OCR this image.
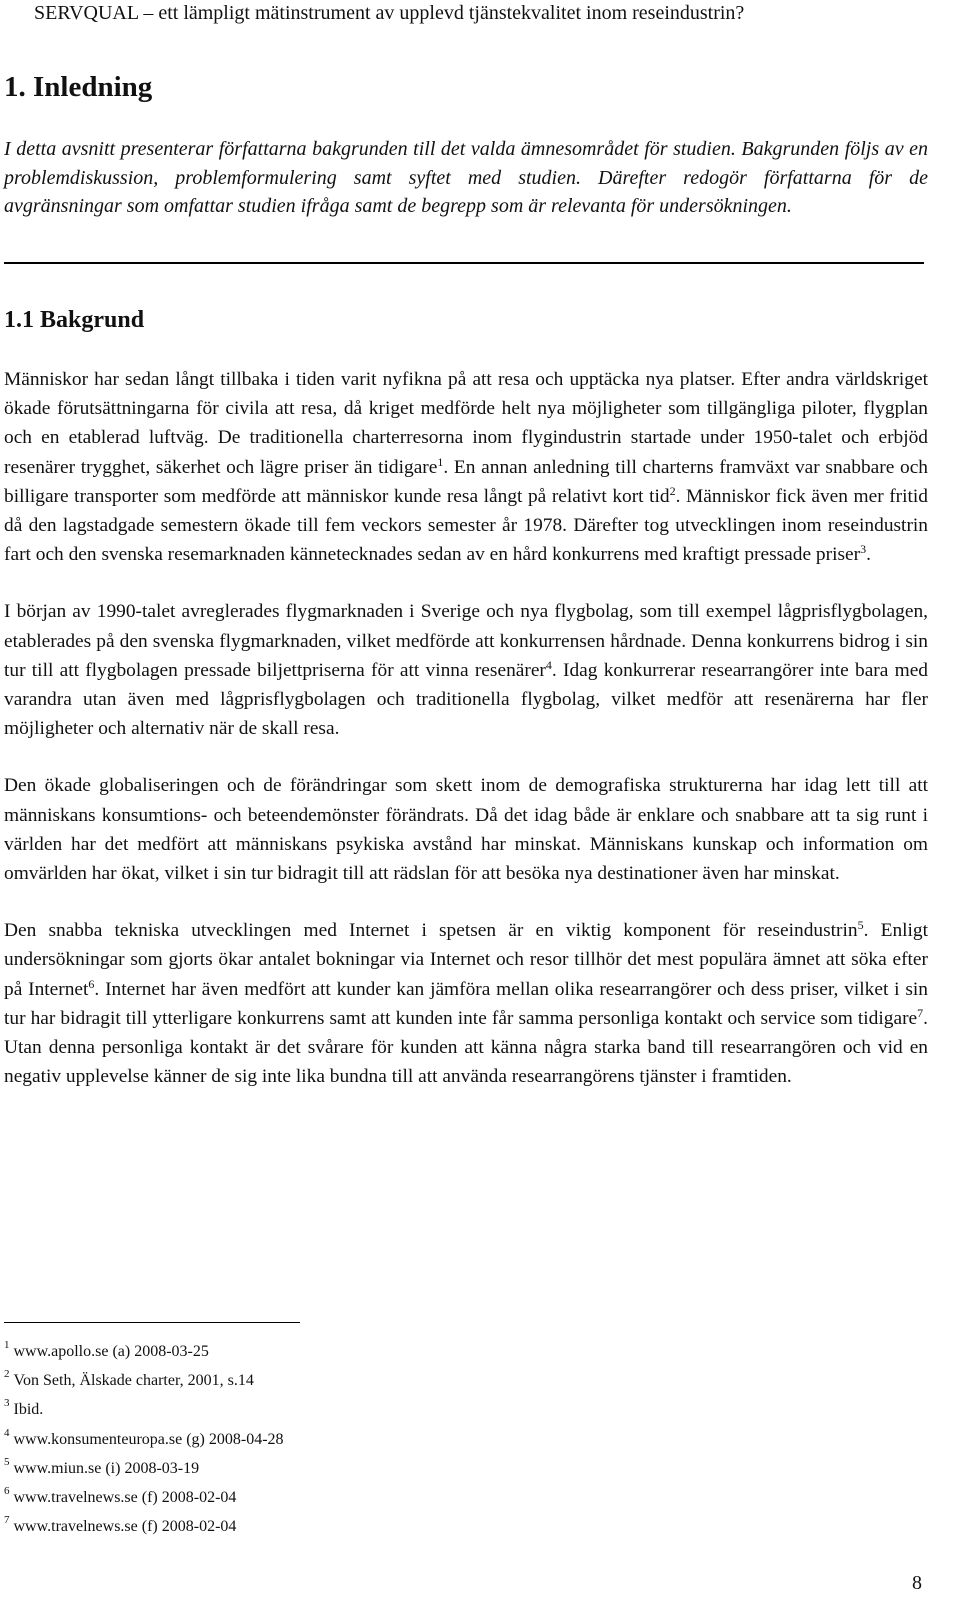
SERVQUAL – ett lämpligt mätinstrument av upplevd tjänstekvalitet inom reseindustrin?
1. Inledning

I detta avsnitt presenterar författarna bakgrunden till det valda ämnesområdet för studien. Bakgrunden följs av en problemdiskussion, problemformulering samt syftet med studien. Därefter redogör författarna för de avgränsningar som omfattar studien ifråga samt de begrepp som är relevanta för undersökningen.

1.1 Bakgrund

Människor har sedan långt tillbaka i tiden varit nyfikna på att resa och upptäcka nya platser. Efter andra världskriget ökade förutsättningarna för civila att resa, då kriget medförde helt nya möjligheter som tillgängliga piloter, flygplan och en etablerad luftväg. De traditionella charterresorna inom flygindustrin startade under 1950-talet och erbjöd resenärer trygghet, säkerhet och lägre priser än tidigare$^1$. En annan anledning till charterns framväxt var snabbare och billigare transporter som medförde att människor kunde resa långt på relativt kort tid$^2$. Människor fick även mer fritid då den lagstadgade semestern ökade till fem veckors semester år 1978. Därefter tog utvecklingen inom reseindustrin fart och den svenska resemarknaden kännetecknades sedan av en hård konkurrens med kraftigt pressade priser$^3$.

I början av 1990-talet avreglerades flygmarknaden i Sverige och nya flygbolag, som till exempel lågprisflygbolagen, etablerades på den svenska flygmarknaden, vilket medförde att konkurrensen hårdnade. Denna konkurrens bidrog i sin tur till att flygbolagen pressade biljettpriserna för att vinna resenärer$^4$. Idag konkurrerar researrangörer inte bara med varandra utan även med lågprisflygbolagen och traditionella flygbolag, vilket medför att resenärerna har fler möjligheter och alternativ när de skall resa.

Den ökade globaliseringen och de förändringar som skett inom de demografiska strukturerna har idag lett till att människans konsumtions- och beteendemönster förändrats. Då det idag både är enklare och snabbare att ta sig runt i världen har det medfört att människans psykiska avstånd har minskat. Människans kunskap och information om omvärlden har ökat, vilket i sin tur bidragit till att rädslan för att besöka nya destinationer även har minskat.

Den snabba tekniska utvecklingen med Internet i spetsen är en viktig komponent för reseindustrin$^5$. Enligt undersökningar som gjorts ökar antalet bokningar via Internet och resor tillhör det mest populära ämnet att söka efter på Internet$^6$. Internet har även medfört att kunder kan jämföra mellan olika researrangörer och dess priser, vilket i sin tur har bidragit till ytterligare konkurrens samt att kunden inte får samma personliga kontakt och service som tidigare$^7$. Utan denna personliga kontakt är det svårare för kunden att känna några starka band till researrangören och vid en negativ upplevelse känner de sig inte lika bundna till att använda researrangörens tjänster i framtiden.

$^1$ www.apollo.se (a) 2008-03-25
$^2$ Von Seth, Älskade charter, 2001, s.14
$^3$ Ibid.
$^4$ www.konsumenteuropa.se (g) 2008-04-28
$^5$ www.miun.se (i) 2008-03-19
$^6$ www.travelnews.se (f) 2008-02-04
$^7$ www.travelnews.se (f) 2008-02-04
8
